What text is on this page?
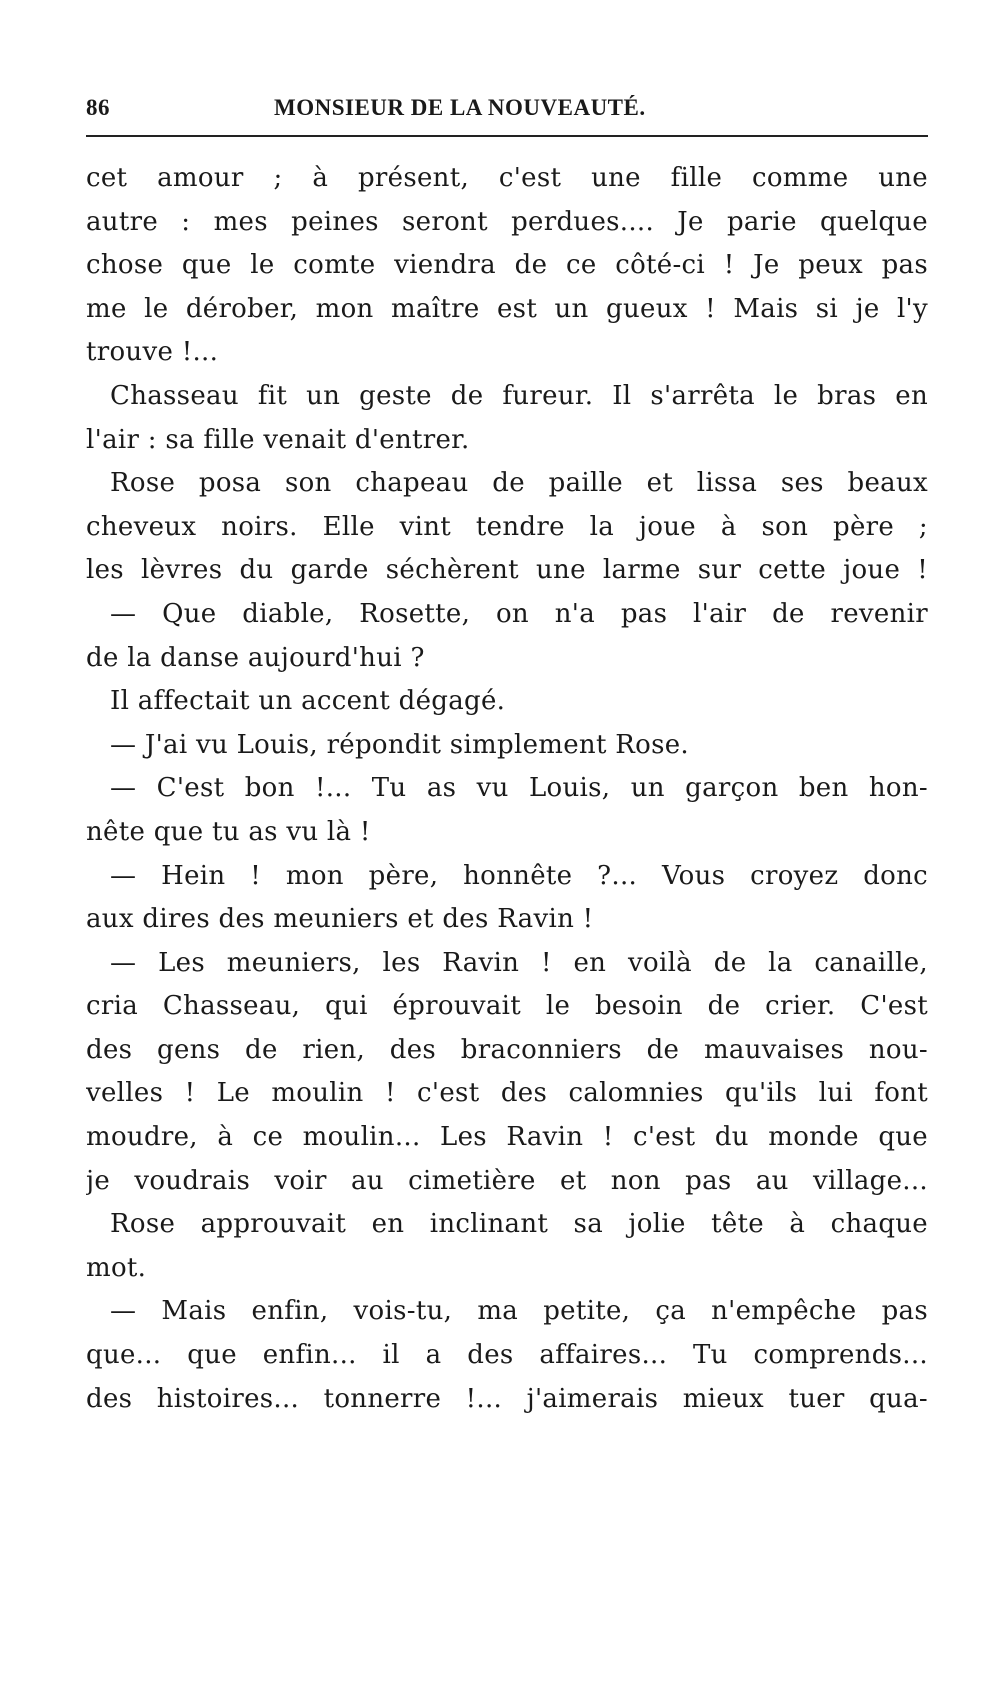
86	MONSIEUR DE LA NOUVEAUTÉ.
cet amour ; à présent, c'est une fille comme une
autre : mes peines seront perdues.... Je parie quelque
chose que le comte viendra de ce côté-ci ! Je peux pas
me le dérober, mon maître est un gueux ! Mais si je l'y
trouve !...
Chasseau fit un geste de fureur. Il s'arrêta le bras en
l'air : sa fille venait d'entrer.
Rose posa son chapeau de paille et lissa ses beaux
cheveux noirs. Elle vint tendre la joue à son père ;
les lèvres du garde séchèrent une larme sur cette joue !
— Que diable, Rosette, on n'a pas l'air de revenir
de la danse aujourd'hui ?
Il affectait un accent dégagé.
— J'ai vu Louis, répondit simplement Rose.
— C'est bon !... Tu as vu Louis, un garçon ben hon-
nête que tu as vu là !
— Hein ! mon père, honnête ?... Vous croyez donc
aux dires des meuniers et des Ravin !
— Les meuniers, les Ravin ! en voilà de la canaille,
cria Chasseau, qui éprouvait le besoin de crier. C'est
des gens de rien, des braconniers de mauvaises nou-
velles ! Le moulin ! c'est des calomnies qu'ils lui font
moudre, à ce moulin... Les Ravin ! c'est du monde que
je voudrais voir au cimetière et non pas au village...
Rose approuvait en inclinant sa jolie tête à chaque
mot.
— Mais enfin, vois-tu, ma petite, ça n'empêche pas
que... que enfin... il a des affaires... Tu comprends...
des histoires... tonnerre !... j'aimerais mieux tuer qua-
